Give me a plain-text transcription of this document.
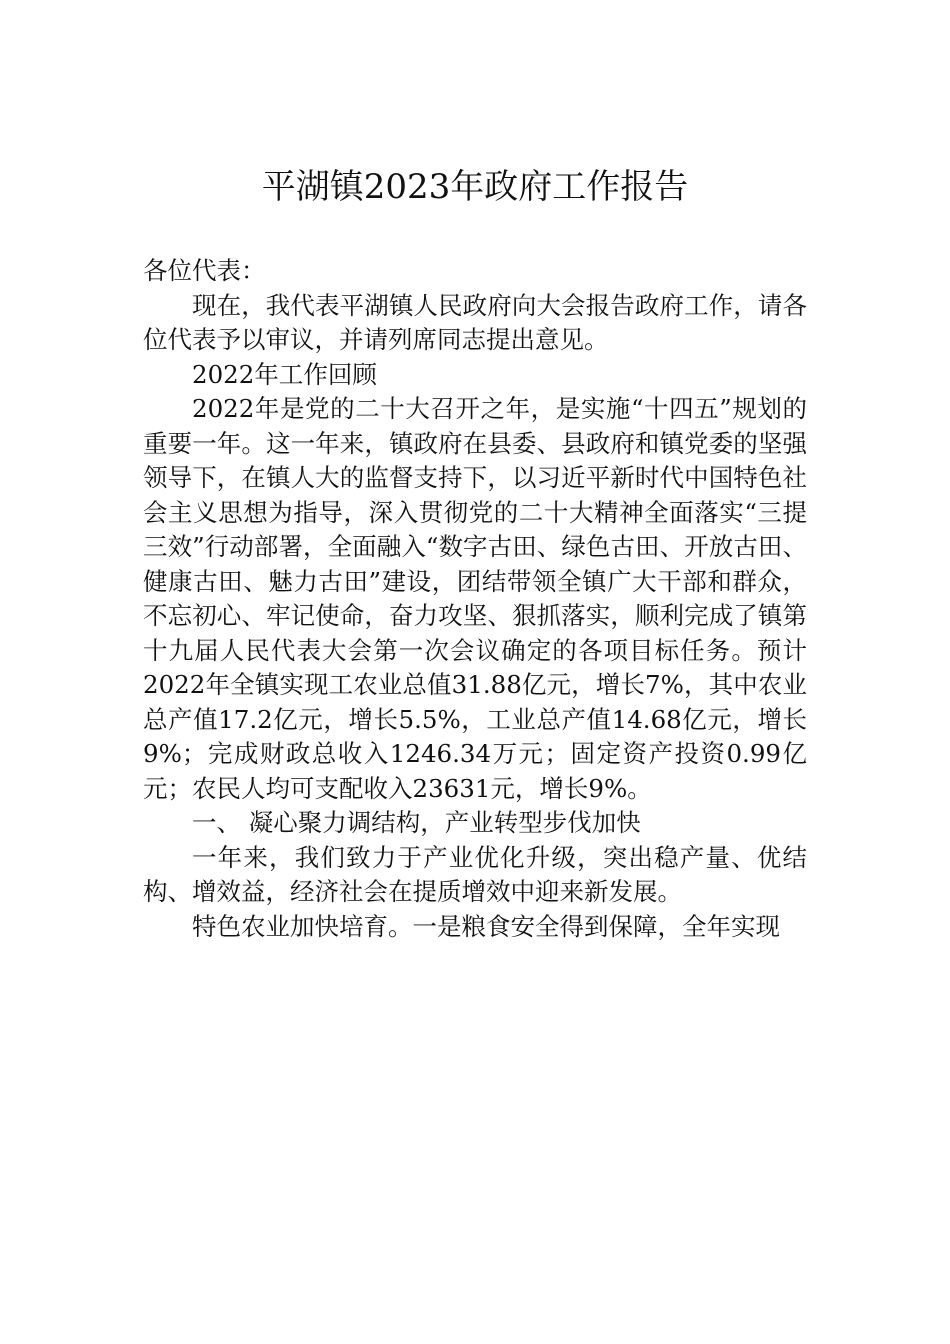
平湖镇2023年政府工作报告

各位代表：

现在，我代表平湖镇人民政府向大会报告政府工作，请各位代表予以审议，并请列席同志提出意见。

2022年工作回顾

2022年是党的二十大召开之年，是实施“十四五”规划的重要一年。这一年来，镇政府在县委、县政府和镇党委的坚强领导下，在镇人大的监督支持下，以习近平新时代中国特色社会主义思想为指导，深入贯彻党的二十大精神全面落实“三提三效”行动部署，全面融入“数字古田、绿色古田、开放古田、健康古田、魅力古田”建设，团结带领全镇广大干部和群众，不忘初心、牢记使命，奋力攻坚、狠抓落实，顺利完成了镇第十九届人民代表大会第一次会议确定的各项目标任务。预计2022年全镇实现工农业总值31.88亿元，增长7%，其中农业总产值17.2亿元，增长5.5%，工业总产值14.68亿元，增长9%；完成财政总收入1246.34万元；固定资产投资0.99亿元；农民人均可支配收入23631元，增长9%。

一、 凝心聚力调结构，产业转型步伐加快

一年来，我们致力于产业优化升级，突出稳产量、优结构、增效益，经济社会在提质增效中迎来新发展。

特色农业加快培育。一是粮食安全得到保障，全年实现
